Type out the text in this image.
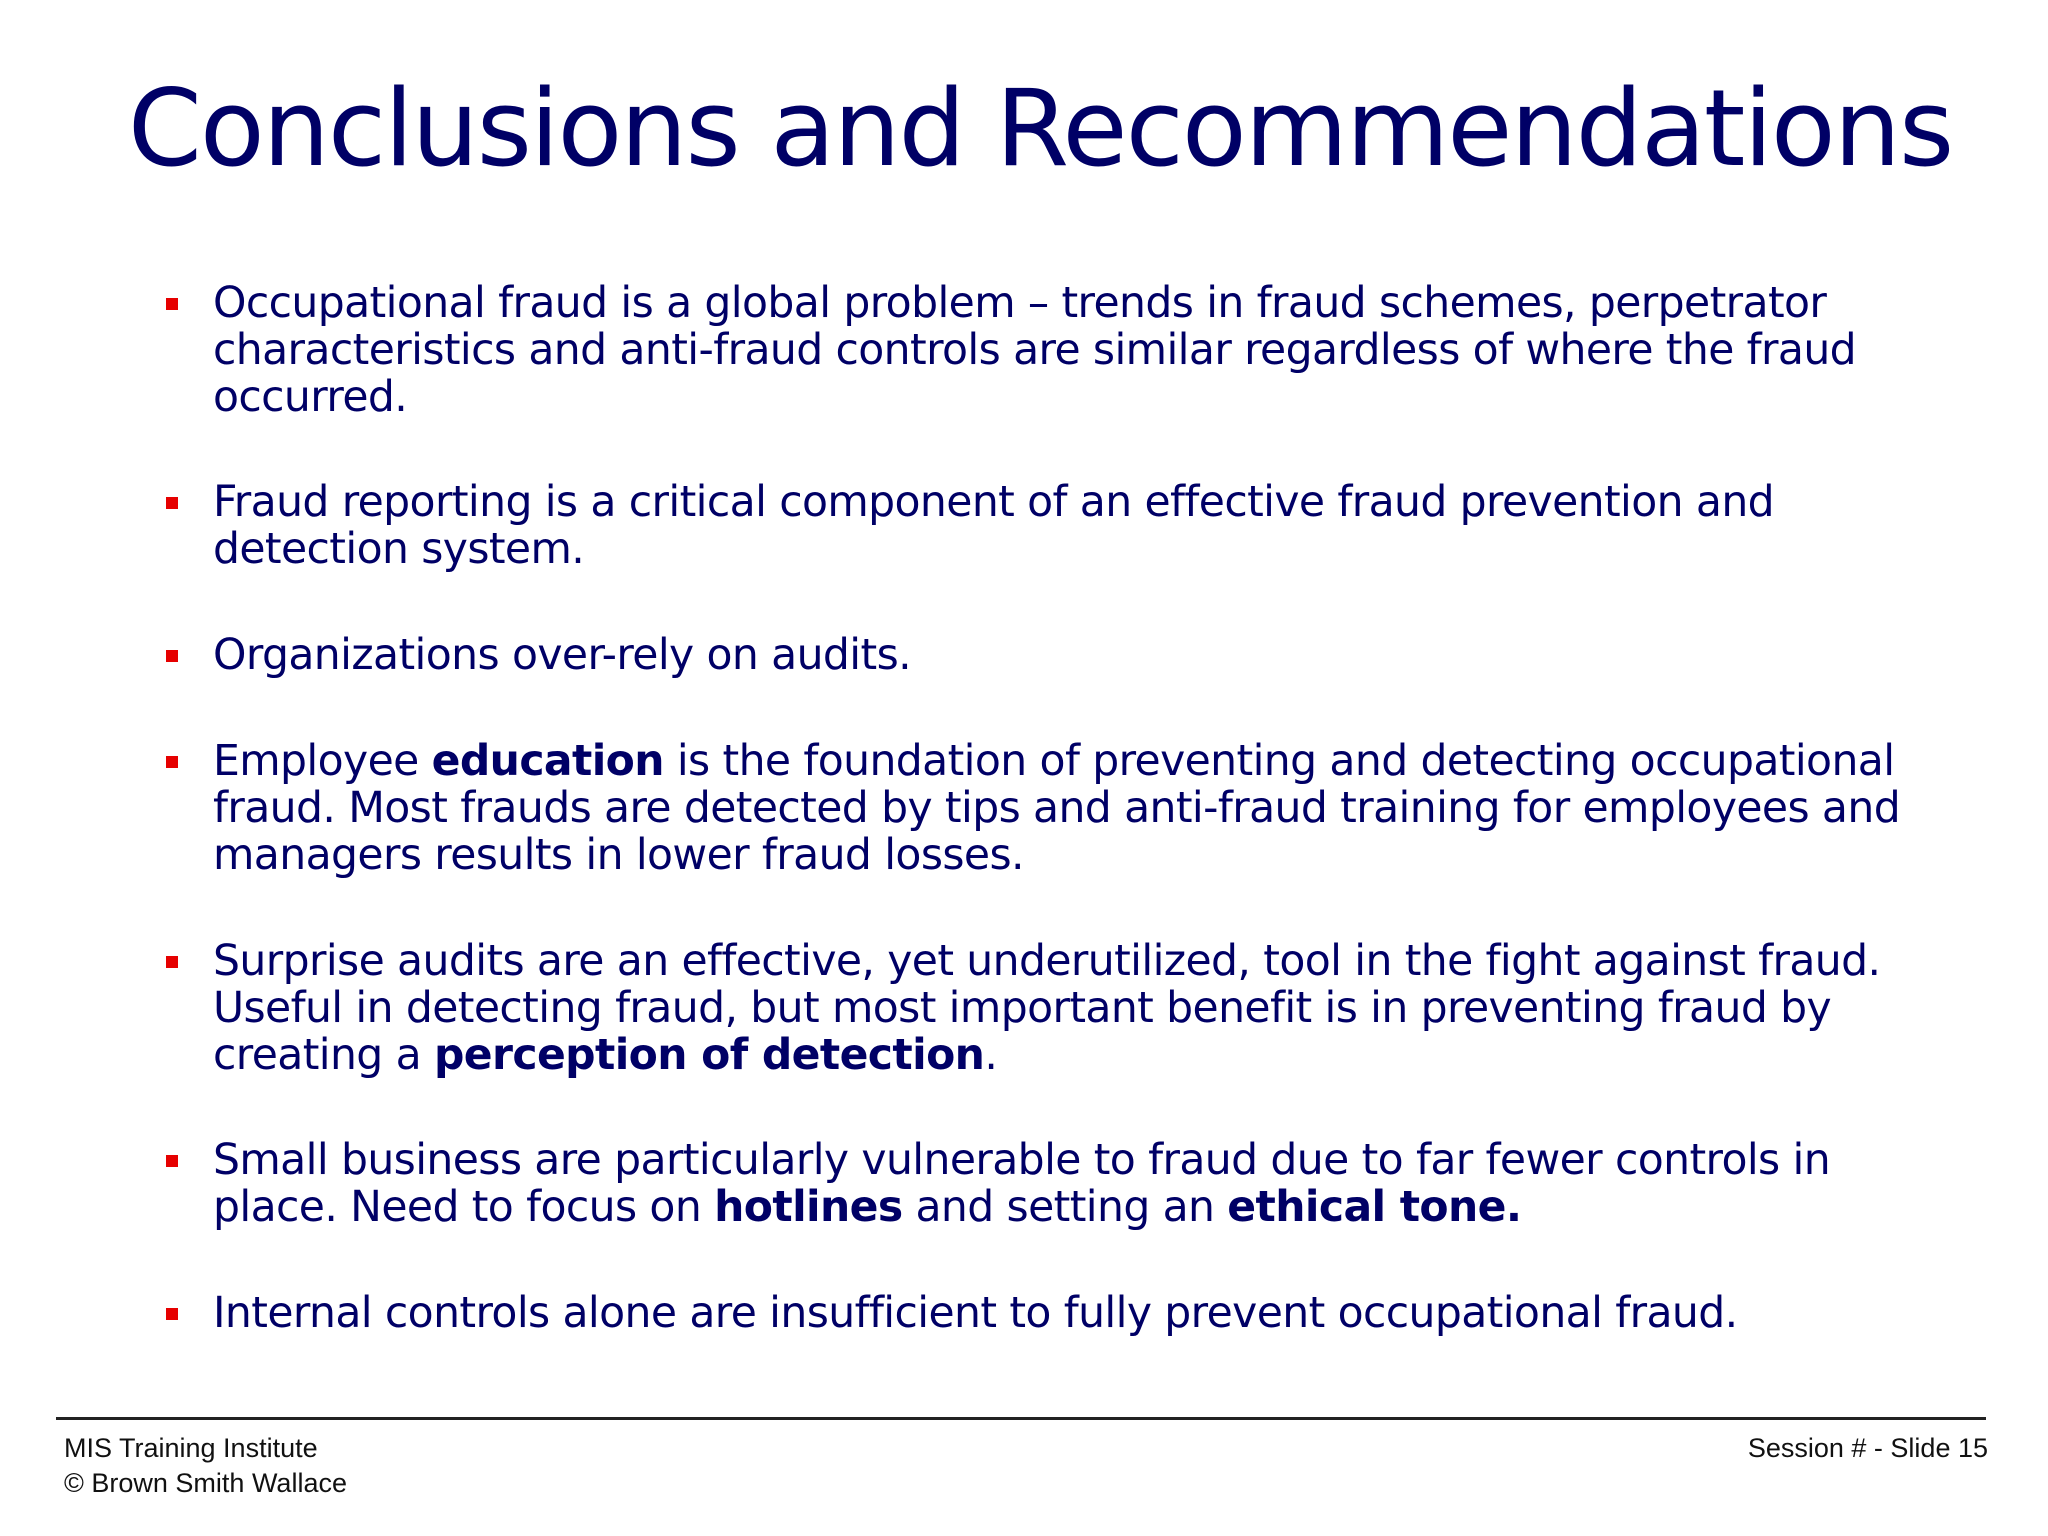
Conclusions and Recommendations
Occupational fraud is a global problem – trends in fraud schemes, perpetrator characteristics and anti-fraud controls are similar regardless of where the fraud occurred.
Fraud reporting is a critical component of an effective fraud prevention and detection system.
Organizations over-rely on audits.
Employee education is the foundation of preventing and detecting occupational fraud. Most frauds are detected by tips and anti-fraud training for employees and managers results in lower fraud losses.
Surprise audits are an effective, yet underutilized, tool in the fight against fraud. Useful in detecting fraud, but most important benefit is in preventing fraud by creating a perception of detection.
Small business are particularly vulnerable to fraud due to far fewer controls in place. Need to focus on hotlines and setting an ethical tone.
Internal controls alone are insufficient to fully prevent occupational fraud.
MIS Training Institute
© Brown Smith Wallace
Session # - Slide 15
